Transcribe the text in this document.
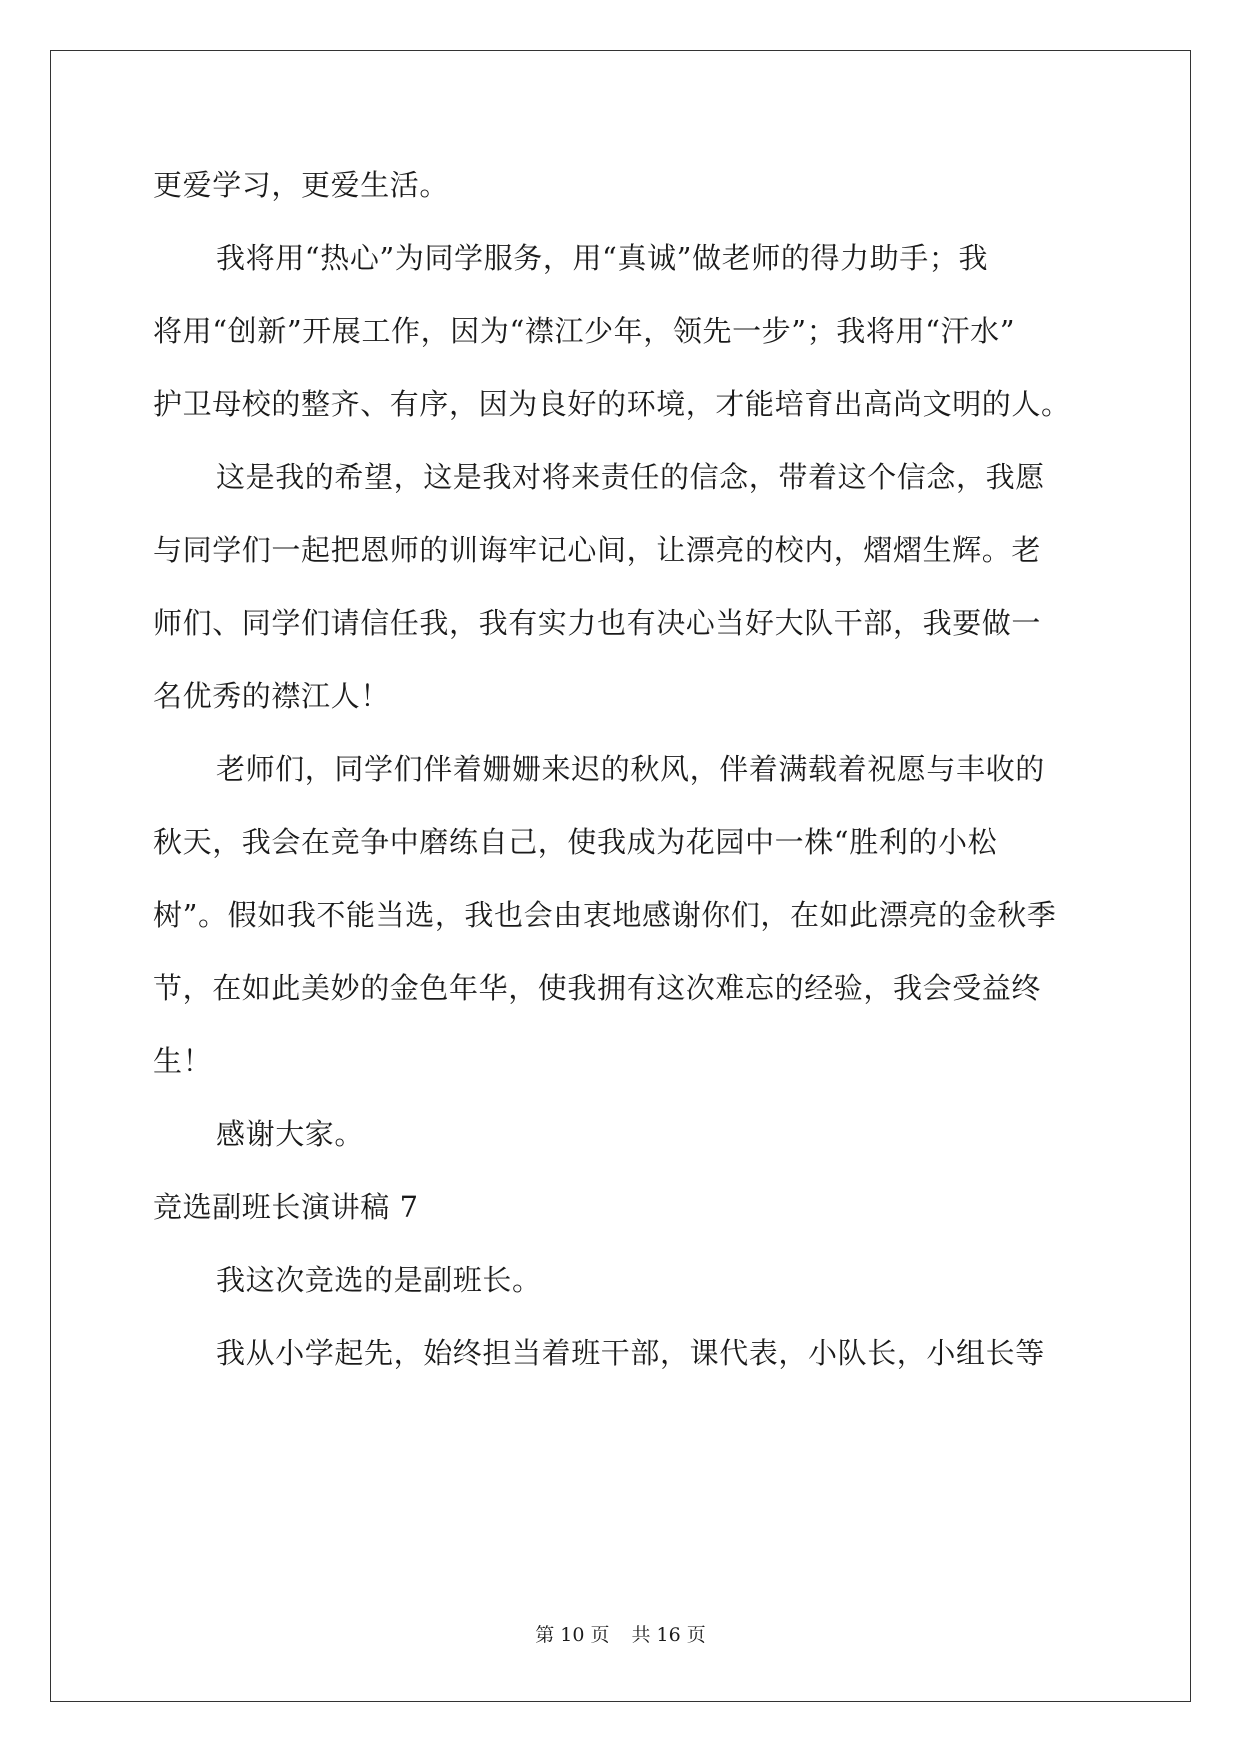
更爱学习，更爱生活。
我将用“热心”为同学服务，用“真诚”做老师的得力助手；我
将用“创新”开展工作，因为“襟江少年，领先一步”；我将用“汗水”
护卫母校的整齐、有序，因为良好的环境，才能培育出高尚文明的人。
这是我的希望，这是我对将来责任的信念，带着这个信念，我愿
与同学们一起把恩师的训诲牢记心间，让漂亮的校内，熠熠生辉。老
师们、同学们请信任我，我有实力也有决心当好大队干部，我要做一
名优秀的襟江人！
老师们，同学们伴着姗姗来迟的秋风，伴着满载着祝愿与丰收的
秋天，我会在竞争中磨练自己，使我成为花园中一株“胜利的小松
树”。假如我不能当选，我也会由衷地感谢你们，在如此漂亮的金秋季
节，在如此美妙的金色年华，使我拥有这次难忘的经验，我会受益终
生！
感谢大家。
竞选副班长演讲稿 7
我这次竞选的是副班长。
我从小学起先，始终担当着班干部，课代表，小队长，小组长等
第 10 页 共 16 页
